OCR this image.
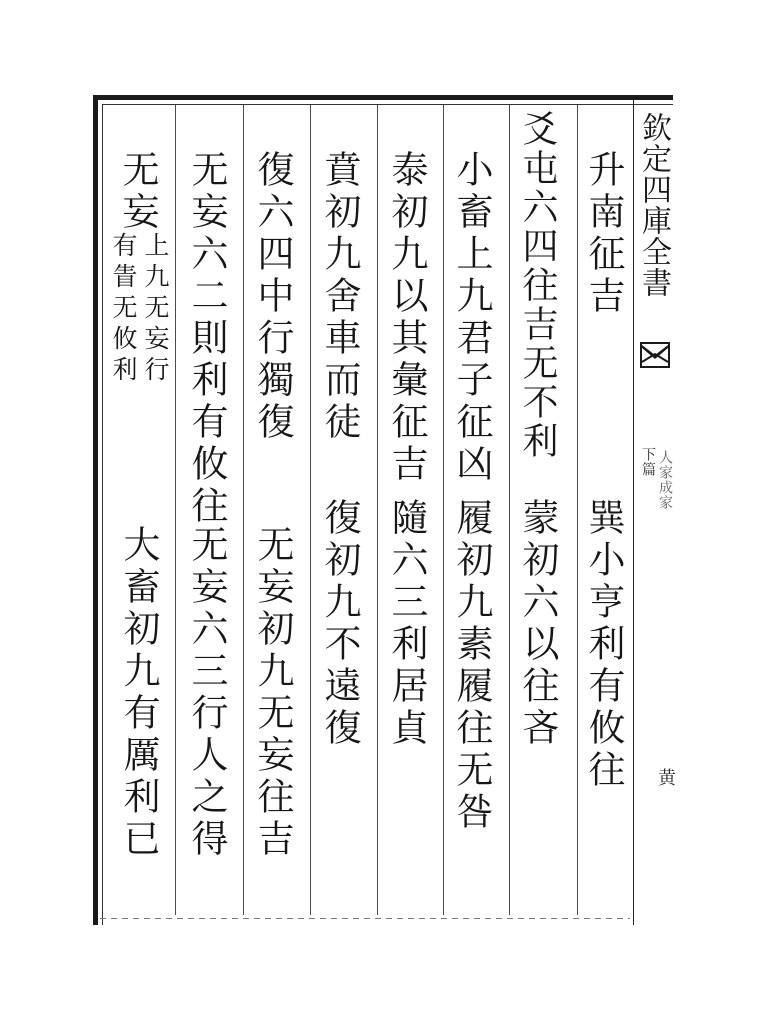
欽定四庫全書
下篇 人家成家
黄
升南征吉
巽小亨利有攸往
爻屯六四往吉无不利
蒙初六以往吝
小畜上九君子征凶
履初九素履往无咎
泰初九以其彙征吉
隨六三利居貞
賁初九舍車而徒
復初九不遠復
復六四中行獨復
无妄初九无妄往吉
无妄六二則利有攸往
无妄六三行人之得
无妄
上九无妄行
有眚无攸利
大畜初九有厲利已
